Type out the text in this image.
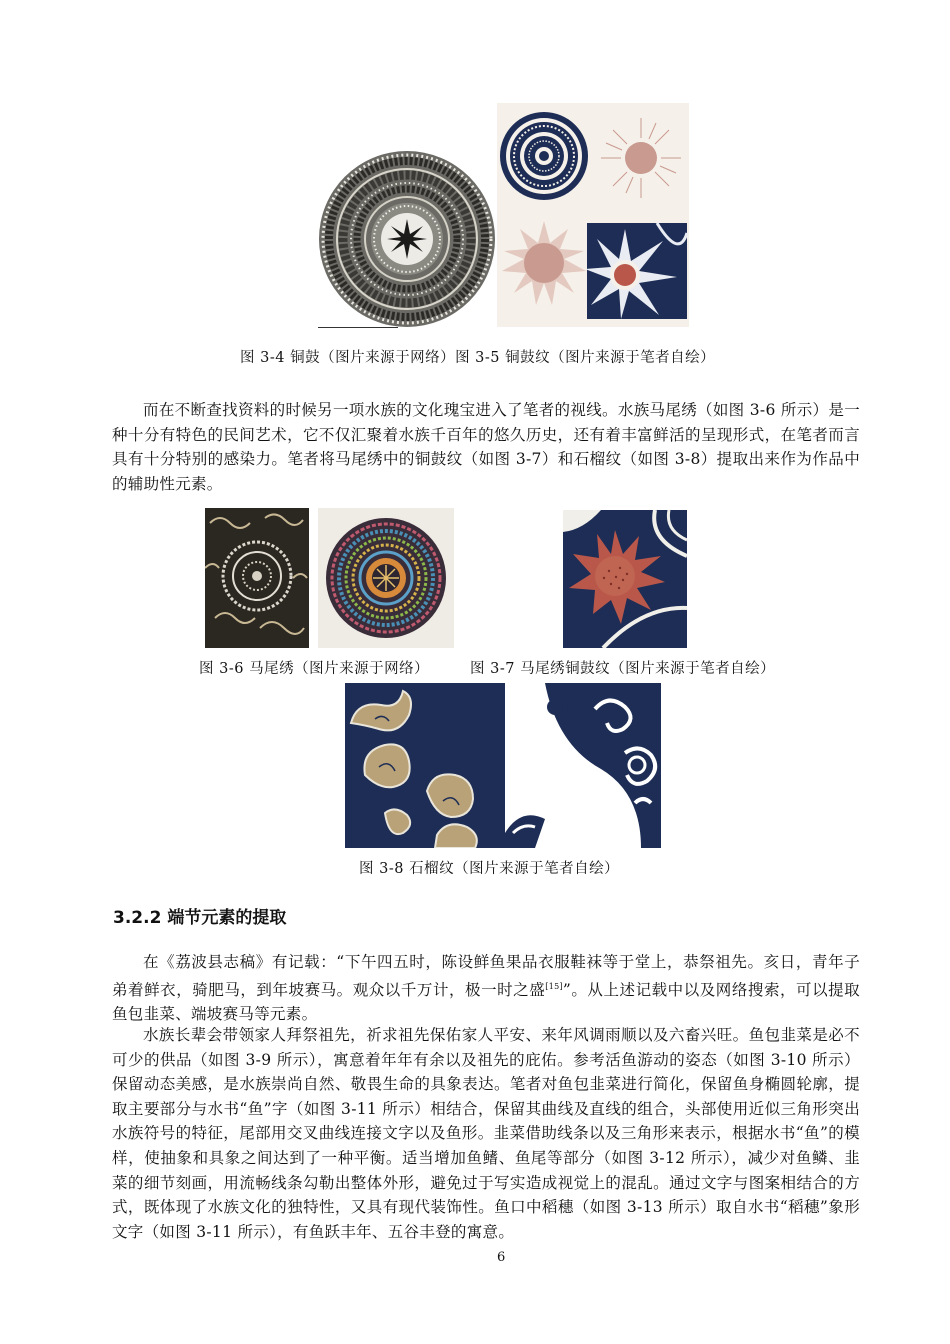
图 3-4 铜鼓（图片来源于网络）图 3-5 铜鼓纹（图片来源于笔者自绘）

而在不断查找资料的时候另一项水族的文化瑰宝进入了笔者的视线。水族马尾绣（如图 3-6 所示）是一种十分有特色的民间艺术，它不仅汇聚着水族千百年的悠久历史，还有着丰富鲜活的呈现形式，在笔者而言具有十分特别的感染力。笔者将马尾绣中的铜鼓纹（如图 3-7）和石榴纹（如图 3-8）提取出来作为作品中的辅助性元素。

图 3-6 马尾绣（图片来源于网络）	图 3-7 马尾绣铜鼓纹（图片来源于笔者自绘）
图 3-8 石榴纹（图片来源于笔者自绘）
3.2.2 端节元素的提取

在《荔波县志稿》有记载：“下午四五时，陈设鲜鱼果品衣服鞋袜等于堂上，恭祭祖先。亥日，青年子弟着鲜衣，骑肥马，到年坡赛马。观众以千万计，极一时之盛[15]”。从上述记载中以及网络搜索，可以提取鱼包韭菜、端坡赛马等元素。

水族长辈会带领家人拜祭祖先，祈求祖先保佑家人平安、来年风调雨顺以及六畜兴旺。鱼包韭菜是必不可少的供品（如图 3-9 所示），寓意着年年有余以及祖先的庇佑。参考活鱼游动的姿态（如图 3-10 所示）保留动态美感，是水族崇尚自然、敬畏生命的具象表达。笔者对鱼包韭菜进行简化，保留鱼身椭圆轮廓，提取主要部分与水书“鱼”字（如图 3-11 所示）相结合，保留其曲线及直线的组合，头部使用近似三角形突出水族符号的特征，尾部用交叉曲线连接文字以及鱼形。韭菜借助线条以及三角形来表示，根据水书“鱼”的模样，使抽象和具象之间达到了一种平衡。适当增加鱼鳍、鱼尾等部分（如图 3-12 所示），减少对鱼鳞、韭菜的细节刻画，用流畅线条勾勒出整体外形，避免过于写实造成视觉上的混乱。通过文字与图案相结合的方式，既体现了水族文化的独特性，又具有现代装饰性。鱼口中稻穗（如图 3-13 所示）取自水书“稻穗”象形文字（如图 3-11 所示），有鱼跃丰年、五谷丰登的寓意。

6
